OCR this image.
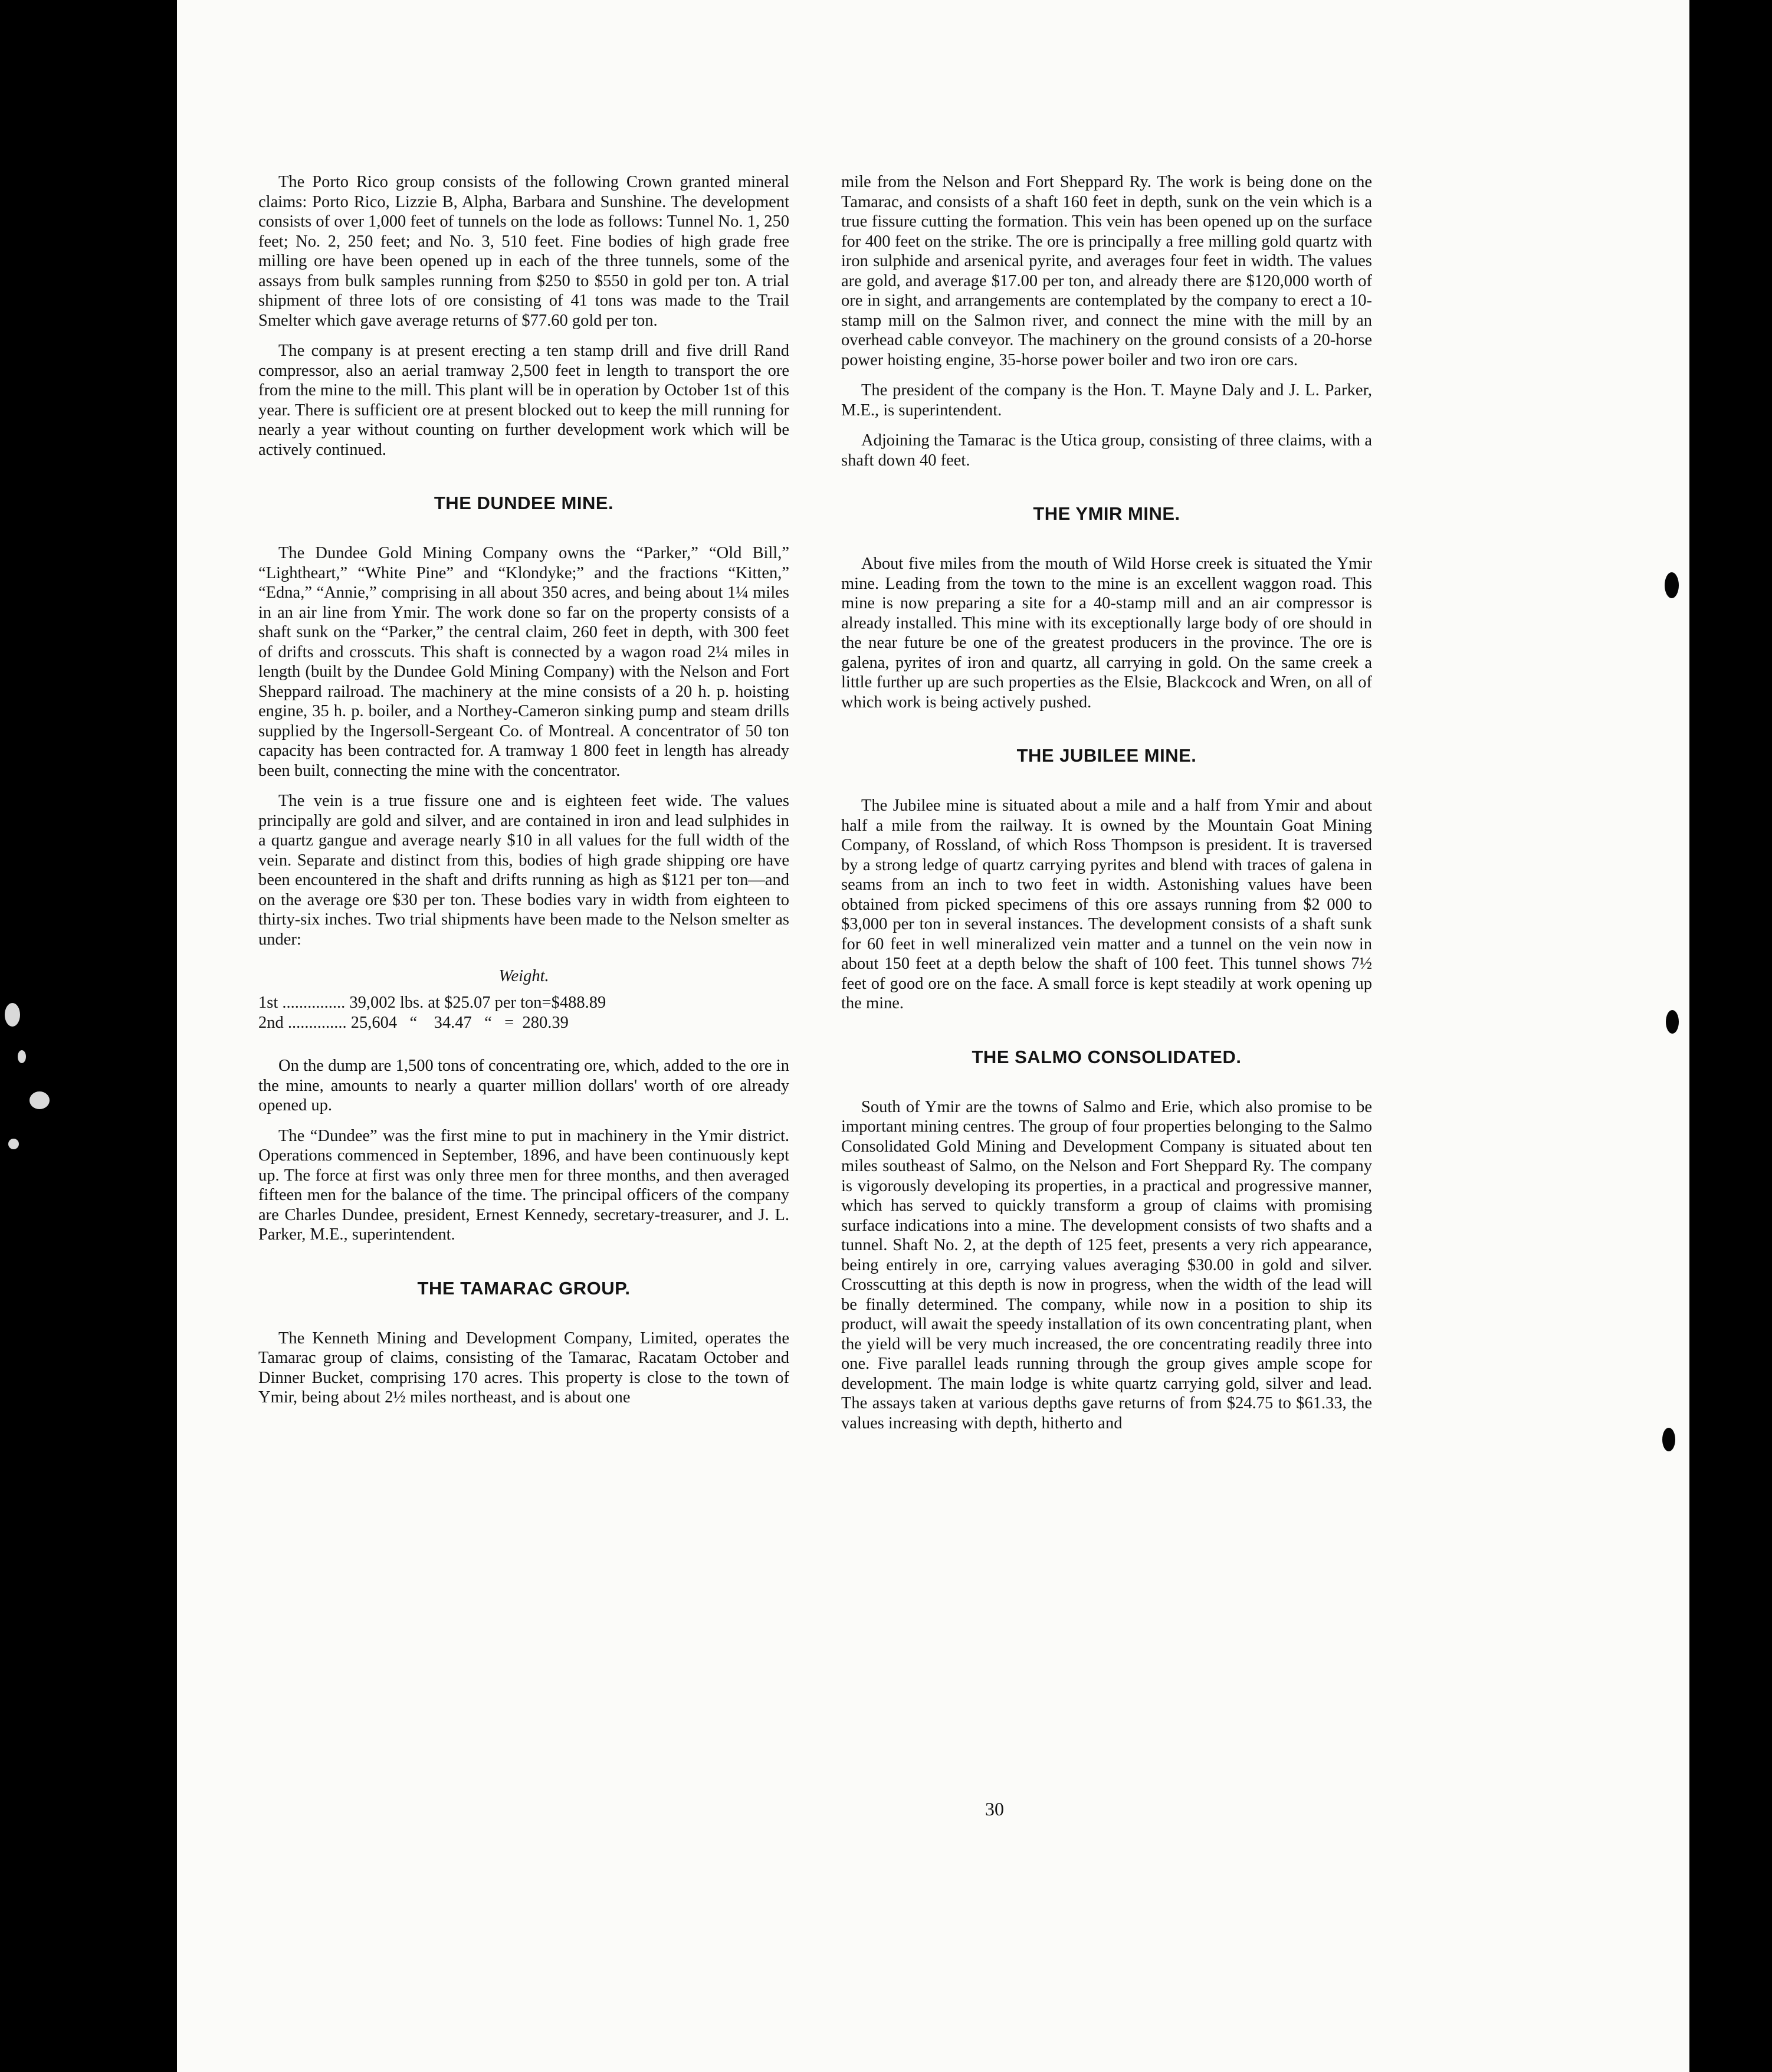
The Porto Rico group consists of the following Crown granted mineral claims: Porto Rico, Lizzie B, Alpha, Barbara and Sunshine. The development consists of over 1,000 feet of tunnels on the lode as follows: Tunnel No. 1, 250 feet; No. 2, 250 feet; and No. 3, 510 feet. Fine bodies of high grade free milling ore have been opened up in each of the three tunnels, some of the assays from bulk samples running from $250 to $550 in gold per ton. A trial shipment of three lots of ore consisting of 41 tons was made to the Trail Smelter which gave average returns of $77.60 gold per ton.

The company is at present erecting a ten stamp drill and five drill Rand compressor, also an aerial tramway 2,500 feet in length to transport the ore from the mine to the mill. This plant will be in operation by October 1st of this year. There is sufficient ore at present blocked out to keep the mill running for nearly a year without counting on further development work which will be actively continued.

THE DUNDEE MINE.

The Dundee Gold Mining Company owns the “Parker,” “Old Bill,” “Lightheart,” “White Pine” and “Klondyke;” and the fractions “Kitten,” “Edna,” “Annie,” comprising in all about 350 acres, and being about 1¼ miles in an air line from Ymir. The work done so far on the property consists of a shaft sunk on the “Parker,” the central claim, 260 feet in depth, with 300 feet of drifts and crosscuts. This shaft is connected by a wagon road 2¼ miles in length (built by the Dundee Gold Mining Company) with the Nelson and Fort Sheppard railroad. The machinery at the mine consists of a 20 h. p. hoisting engine, 35 h. p. boiler, and a Northey-Cameron sinking pump and steam drills supplied by the Ingersoll-Sergeant Co. of Montreal. A concentrator of 50 ton capacity has been contracted for. A tramway 1 800 feet in length has already been built, connecting the mine with the concentrator.

The vein is a true fissure one and is eighteen feet wide. The values principally are gold and silver, and are contained in iron and lead sulphides in a quartz gangue and average nearly $10 in all values for the full width of the vein. Separate and distinct from this, bodies of high grade shipping ore have been encountered in the shaft and drifts running as high as $121 per ton—and on the average ore $30 per ton. These bodies vary in width from eighteen to thirty-six inches. Two trial shipments have been made to the Nelson smelter as under:

Weight.
1st ............... 39,002 lbs. at $25.07 per ton=$488.89
2nd .............. 25,604   “    34.47   “   =  280.39

On the dump are 1,500 tons of concentrating ore, which, added to the ore in the mine, amounts to nearly a quarter million dollars' worth of ore already opened up.

The “Dundee” was the first mine to put in machinery in the Ymir district. Operations commenced in September, 1896, and have been continuously kept up. The force at first was only three men for three months, and then averaged fifteen men for the balance of the time. The principal officers of the company are Charles Dundee, president, Ernest Kennedy, secretary-treasurer, and J. L. Parker, M.E., superintendent.

THE TAMARAC GROUP.

The Kenneth Mining and Development Company, Limited, operates the Tamarac group of claims, consisting of the Tamarac, Racatam October and Dinner Bucket, comprising 170 acres. This property is close to the town of Ymir, being about 2½ miles northeast, and is about one

mile from the Nelson and Fort Sheppard Ry. The work is being done on the Tamarac, and consists of a shaft 160 feet in depth, sunk on the vein which is a true fissure cutting the formation. This vein has been opened up on the surface for 400 feet on the strike. The ore is principally a free milling gold quartz with iron sulphide and arsenical pyrite, and averages four feet in width. The values are gold, and average $17.00 per ton, and already there are $120,000 worth of ore in sight, and arrangements are contemplated by the company to erect a 10-stamp mill on the Salmon river, and connect the mine with the mill by an overhead cable conveyor. The machinery on the ground consists of a 20-horse power hoisting engine, 35-horse power boiler and two iron ore cars.

The president of the company is the Hon. T. Mayne Daly and J. L. Parker, M.E., is superintendent.

Adjoining the Tamarac is the Utica group, consisting of three claims, with a shaft down 40 feet.

THE YMIR MINE.

About five miles from the mouth of Wild Horse creek is situated the Ymir mine. Leading from the town to the mine is an excellent waggon road. This mine is now preparing a site for a 40-stamp mill and an air compressor is already installed. This mine with its exceptionally large body of ore should in the near future be one of the greatest producers in the province. The ore is galena, pyrites of iron and quartz, all carrying in gold. On the same creek a little further up are such properties as the Elsie, Blackcock and Wren, on all of which work is being actively pushed.

THE JUBILEE MINE.

The Jubilee mine is situated about a mile and a half from Ymir and about half a mile from the railway. It is owned by the Mountain Goat Mining Company, of Rossland, of which Ross Thompson is president. It is traversed by a strong ledge of quartz carrying pyrites and blend with traces of galena in seams from an inch to two feet in width. Astonishing values have been obtained from picked specimens of this ore assays running from $2 000 to $3,000 per ton in several instances. The development consists of a shaft sunk for 60 feet in well mineralized vein matter and a tunnel on the vein now in about 150 feet at a depth below the shaft of 100 feet. This tunnel shows 7½ feet of good ore on the face. A small force is kept steadily at work opening up the mine.

THE SALMO CONSOLIDATED.

South of Ymir are the towns of Salmo and Erie, which also promise to be important mining centres. The group of four properties belonging to the Salmo Consolidated Gold Mining and Development Company is situated about ten miles southeast of Salmo, on the Nelson and Fort Sheppard Ry. The company is vigorously developing its properties, in a practical and progressive manner, which has served to quickly transform a group of claims with promising surface indications into a mine. The development consists of two shafts and a tunnel. Shaft No. 2, at the depth of 125 feet, presents a very rich appearance, being entirely in ore, carrying values averaging $30.00 in gold and silver. Crosscutting at this depth is now in progress, when the width of the lead will be finally determined. The company, while now in a position to ship its product, will await the speedy installation of its own concentrating plant, when the yield will be very much increased, the ore concentrating readily three into one. Five parallel leads running through the group gives ample scope for development. The main lodge is white quartz carrying gold, silver and lead. The assays taken at various depths gave returns of from $24.75 to $61.33, the values increasing with depth, hitherto and

30
